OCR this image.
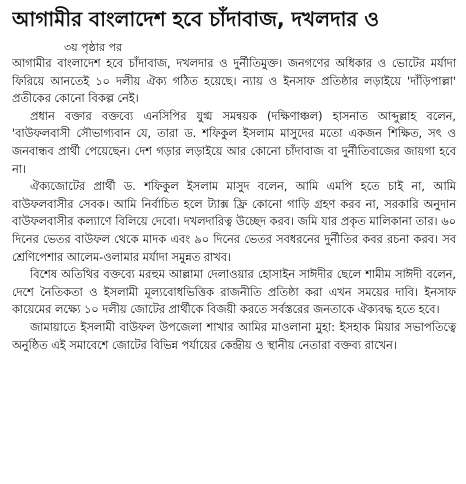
আগামীর বাংলাদেশ হবে চাঁদাবাজ, দখলদার ও
৩য় পৃষ্ঠার পর

আগামীর বাংলাদেশ হবে চাঁদাবাজ, দখলদার ও দুর্নীতিমুক্ত। জনগণের অধিকার ও ভোটের মর্যাদা ফিরিয়ে আনতেই ১০ দলীয় ঐক্য গঠিত হয়েছে। ন্যায় ও ইনসাফ প্রতিষ্ঠার লড়াইয়ে 'দাঁড়িপাল্লা' প্রতীকের কোনো বিকল্প নেই।

প্রধান বক্তার বক্তব্যে এনসিপির যুগ্ম সমন্বয়ক (দক্ষিণাঞ্চল) হাসনাত আব্দুল্লাহ বলেন, 'বাউফলবাসী সৌভাগ্যবান যে, তারা ড. শফিকুল ইসলাম মাসুদের মতো একজন শিক্ষিত, সৎ ও জনবান্ধব প্রার্থী পেয়েছেন। দেশ গড়ার লড়াইয়ে আর কোনো চাঁদাবাজ বা দুর্নীতিবাজের জায়গা হবে না।

ঐক্যজোটের প্রার্থী ড. শফিকুল ইসলাম মাসুদ বলেন, আমি এমপি হতে চাই না, আমি বাউফলবাসীর সেবক। আমি নির্বাচিত হলে ট্যাক্স ফ্রি কোনো গাড়ি গ্রহণ করব না, সরকারি অনুদান বাউফলবাসীর কল্যাণে বিলিয়ে দেবো। দখলদারিত্ব উচ্ছেদ করব। জমি যার প্রকৃত মালিকানা তার। ৬০ দিনের ভেতর বাউফল থেকে মাদক এবং ৯০ দিনের ভেতর সবধরনের দুর্নীতির কবর রচনা করব। সব শ্রেণিপেশার আলেম-ওলামার মর্যাদা সমুন্নত রাখব।

বিশেষ অতিথির বক্তব্যে মরহুম আল্লামা দেলাওয়ার হোসাইন সাঈদীর ছেলে শামীম সাঈদী বলেন, দেশে নৈতিকতা ও ইসলামী মূল্যবোধভিত্তিক রাজনীতি প্রতিষ্ঠা করা এখন সময়ের দাবি। ইনসাফ কায়েমের লক্ষ্যে ১০ দলীয় জোটের প্রার্থীকে বিজয়ী করতে সর্বস্তরের জনতাকে ঐক্যবদ্ধ হতে হবে।

জামায়াতে ইসলামী বাউফল উপজেলা শাখার আমির মাওলানা মুহা: ইসহাক মিয়ার সভাপতিত্বে অনুষ্ঠিত এই সমাবেশে জোটের বিভিন্ন পর্যায়ের কেন্দ্রীয় ও স্থানীয় নেতারা বক্তব্য রাখেন।
